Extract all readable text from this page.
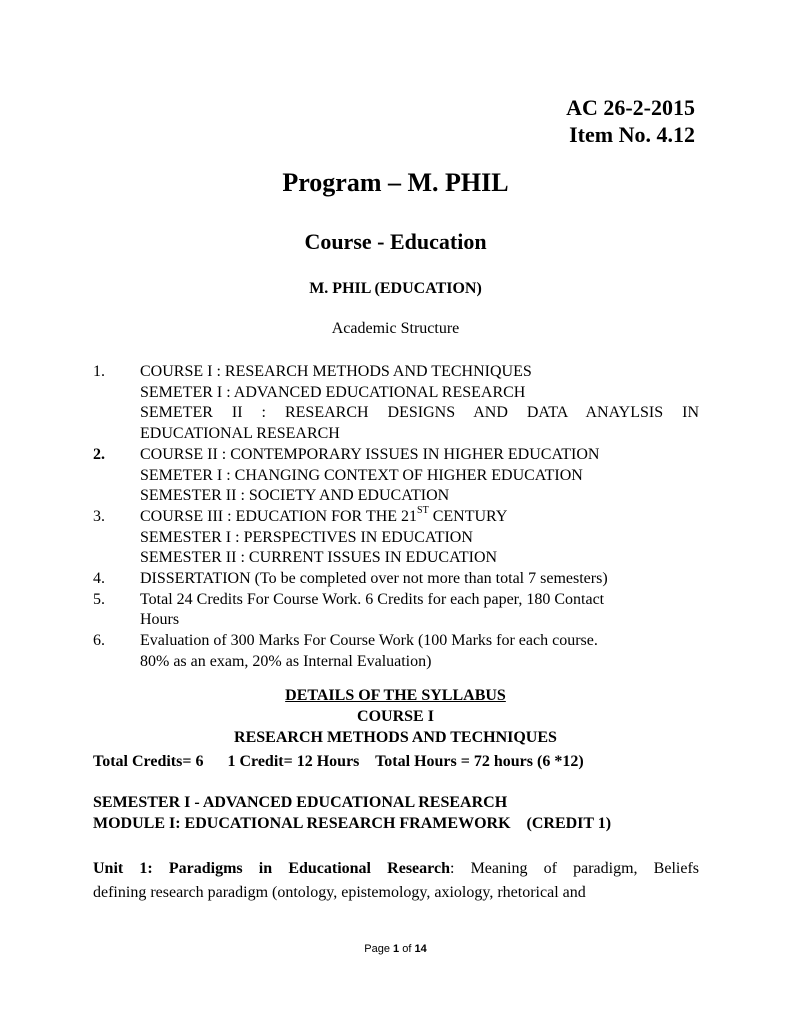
AC 26-2-2015
Item No. 4.12
Program – M. PHIL
Course - Education
M. PHIL (EDUCATION)
Academic Structure
1.	COURSE I : RESEARCH METHODS AND TECHNIQUES
SEMETER I : ADVANCED EDUCATIONAL RESEARCH
SEMETER II : RESEARCH DESIGNS AND DATA ANAYLSIS IN
EDUCATIONAL RESEARCH
2.	COURSE II : CONTEMPORARY ISSUES IN HIGHER EDUCATION
SEMETER I : CHANGING CONTEXT OF HIGHER EDUCATION
SEMESTER II : SOCIETY AND EDUCATION
3.	COURSE III : EDUCATION FOR THE 21ST CENTURY
SEMESTER I : PERSPECTIVES IN EDUCATION
SEMESTER II : CURRENT ISSUES IN EDUCATION
4.	DISSERTATION (To be completed over not more than total 7 semesters)
5.	Total 24 Credits For Course Work. 6 Credits for each paper, 180 Contact
Hours
6.	Evaluation of 300 Marks For Course Work (100 Marks for each course.
80% as an exam, 20% as Internal Evaluation)
DETAILS OF THE SYLLABUS
COURSE I
RESEARCH METHODS AND TECHNIQUES
Total Credits= 6      1 Credit= 12 Hours    Total Hours = 72 hours (6 *12)
SEMESTER I - ADVANCED EDUCATIONAL RESEARCH
MODULE I: EDUCATIONAL RESEARCH FRAMEWORK    (CREDIT 1)
Unit 1: Paradigms in Educational Research: Meaning of paradigm, Beliefs
defining research paradigm (ontology, epistemology, axiology, rhetorical and
Page 1 of 14
